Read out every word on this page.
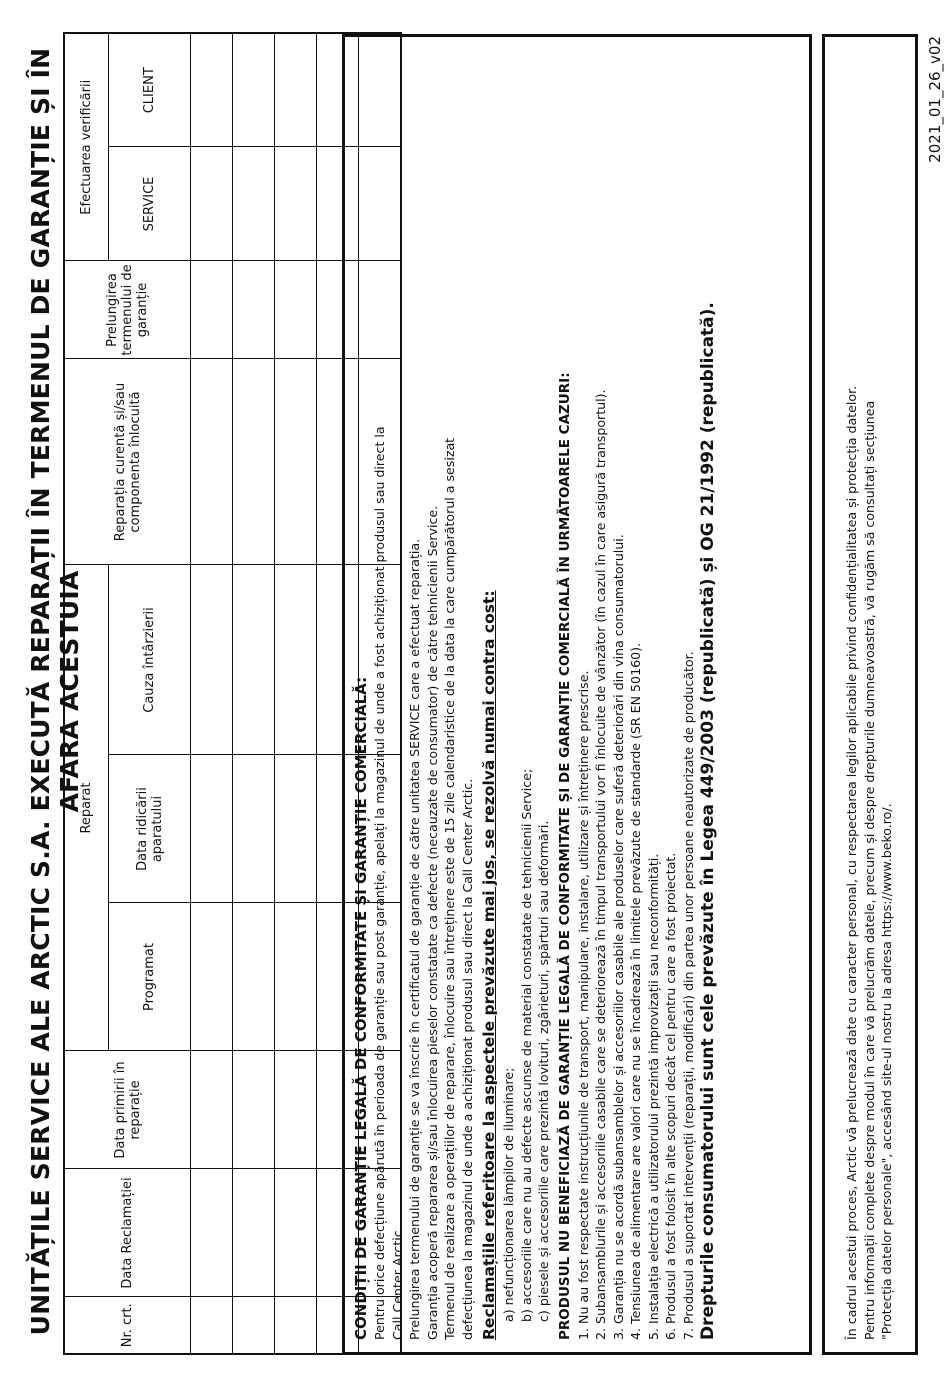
UNITĂȚILE SERVICE ALE ARCTIC S.A. EXECUTĂ REPARAȚII ÎN TERMENUL DE GARANȚIE ȘI ÎN AFARA ACESTUIA
Nr. crt.	Data Reclamației	Data primirii în reparație	Reparat			Reparația curentă și/sau componenta înlocuită	Prelungirea termenului de garanție	Efectuarea verificării	
			Programat	Data ridicării aparatului	Cauza întârzierii			SERVICE	CLIENT

CONDIȚII DE GARANȚIE LEGALĂ DE CONFORMITATE ȘI GARANȚIE COMERCIALĂ: Pentru orice defecțiune apărută în perioada de garanție sau post garanție, apelați la magazinul de unde a fost achiziționat produsul sau direct la Call Center Arctic. Prelungirea termenului de garanție se va înscrie în certificatul de garanție de către unitatea SERVICE care a efectuat reparația. Garanția acoperă repararea și/sau înlocuirea pieselor constatate ca defecte (necauzate de consumator) de către tehnicienii Service. Termenul de realizare a operațiilor de reparare, înlocuire sau întreținere este de 15 zile calendaristice de la data la care cumpărătorul a sesizat defecțiunea la magazinul de unde a achiziționat produsul sau direct la Call Center Arctic. Reclamațiile referitoare la aspectele prevăzute mai jos, se rezolvă numai contra cost: a) nefuncționarea lămpilor de iluminare; b) accesoriile care nu au defecte ascunse de material constatate de tehnicienii Service; c) piesele și accesoriile care prezintă lovituri, zgârieturi, spărturi sau deformări. PRODUSUL NU BENEFICIAZĂ DE GARANȚIE LEGALĂ DE CONFORMITATE ȘI DE GARANȚIE COMERCIALĂ ÎN URMĂTOARELE CAZURI: 1. Nu au fost respectate instrucțiunile de transport, manipulare, instalare, utilizare și întreținere prescrise. 2. Subansamblurile și accesoriile casabile care se deteriorează în timpul transportului vor fi înlocuite de vânzător (în cazul în care asigură transportul). 3. Garanția nu se acordă subansamblelor și accesoriilor casabile ale produselor care suferă deteriorări din vina consumatorului. 4. Tensiunea de alimentare are valori care nu se încadrează în limitele prevăzute de standarde (SR EN 50160). 5. Instalația electrică a utilizatorului prezintă improvizații sau neconformități. 6. Produsul a fost folosit în alte scopuri decât cel pentru care a fost proiectat. 7. Produsul a suportat intervenții (reparații, modificări) din partea unor persoane neautorizate de producător. Drepturile consumatorului sunt cele prevăzute în Legea 449/2003 (republicată) și OG 21/1992 (republicată).	În cadrul acestui proces, Arctic vă prelucrează date cu caracter personal, cu respectarea legilor aplicabile privind confidențialitatea și protecția datelor. Pentru informații complete despre modul în care vă prelucrăm datele, precum și despre drepturile dumneavoastră, vă rugăm să consultați secțiunea "Protecția datelor personale", accesând site-ul nostru la adresa https://www.beko.ro/.
2021_01_26_v02
